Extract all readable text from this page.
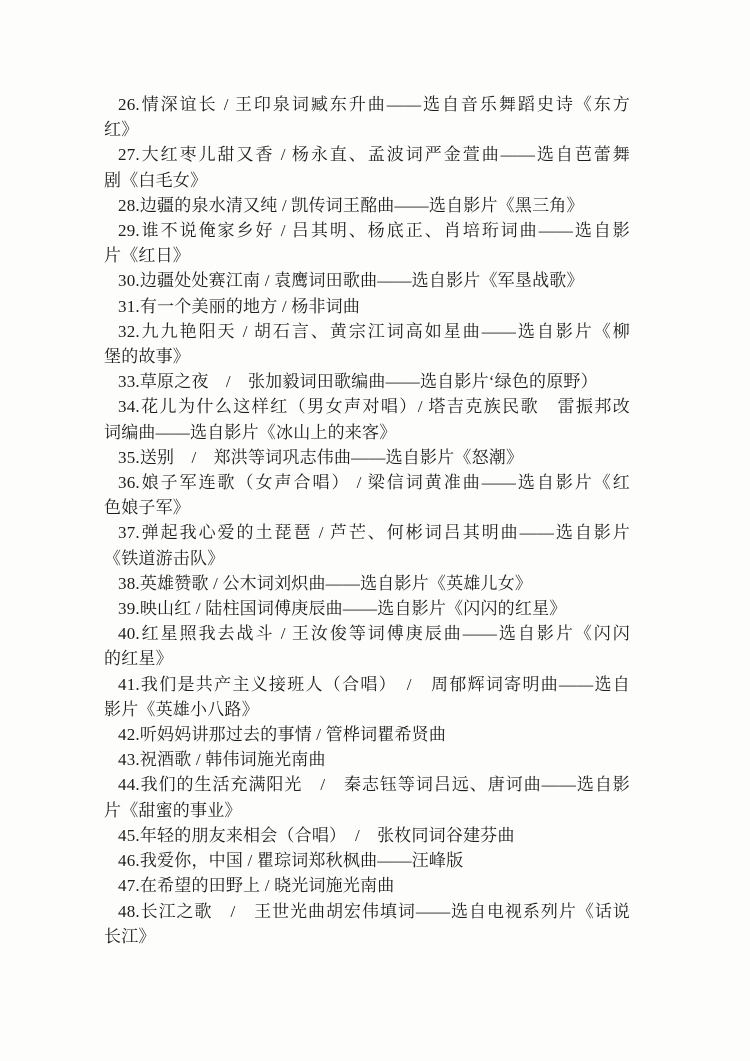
26.情深谊长 / 王印泉词臧东升曲——选自音乐舞蹈史诗《东方
红》

27.大红枣儿甜又香 / 杨永直、孟波词严金萱曲——选自芭蕾舞
剧《白毛女》

28.边疆的泉水清又纯 / 凯传词王酩曲——选自影片《黑三角》

29.谁不说俺家乡好 / 吕其明、杨底正、肖培珩词曲——选自影
片《红日》

30.边疆处处赛江南 / 袁鹰词田歌曲——选自影片《军垦战歌》

31.有一个美丽的地方 / 杨非词曲

32.九九艳阳天 / 胡石言、黄宗江词高如星曲——选自影片《柳
堡的故事》

33.草原之夜　/　张加毅词田歌编曲——选自影片‘绿色的原野）

34.花儿为什么这样红（男女声对唱）/ 塔吉克族民歌　雷振邦改
词编曲——选自影片《冰山上的来客》

35.送别　/　郑洪等词巩志伟曲——选自影片《怒潮》

36.娘子军连歌（女声合唱） / 梁信词黄准曲——选自影片《红
色娘子军》

37.弹起我心爱的土琵琶 / 芦芒、何彬词吕其明曲——选自影片
《铁道游击队》

38.英雄赞歌 / 公木词刘炽曲——选自影片《英雄儿女》

39.映山红 / 陆柱国词傅庚辰曲——选自影片《闪闪的红星》

40.红星照我去战斗 / 王汝俊等词傅庚辰曲——选自影片《闪闪
的红星》

41.我们是共产主义接班人（合唱）　/　周郁辉词寄明曲——选自
影片《英雄小八路》

42.听妈妈讲那过去的事情 / 管桦词瞿希贤曲

43.祝酒歌 / 韩伟词施光南曲

44.我们的生活充满阳光　/　秦志钰等词吕远、唐诃曲——选自影
片《甜蜜的事业》

45.年轻的朋友来相会（合唱）　/　张枚同词谷建芬曲

46.我爱你，中国 / 瞿琮词郑秋枫曲——汪峰版

47.在希望的田野上 / 晓光词施光南曲

48.长江之歌　/　王世光曲胡宏伟填词——选自电视系列片《话说
长江》
